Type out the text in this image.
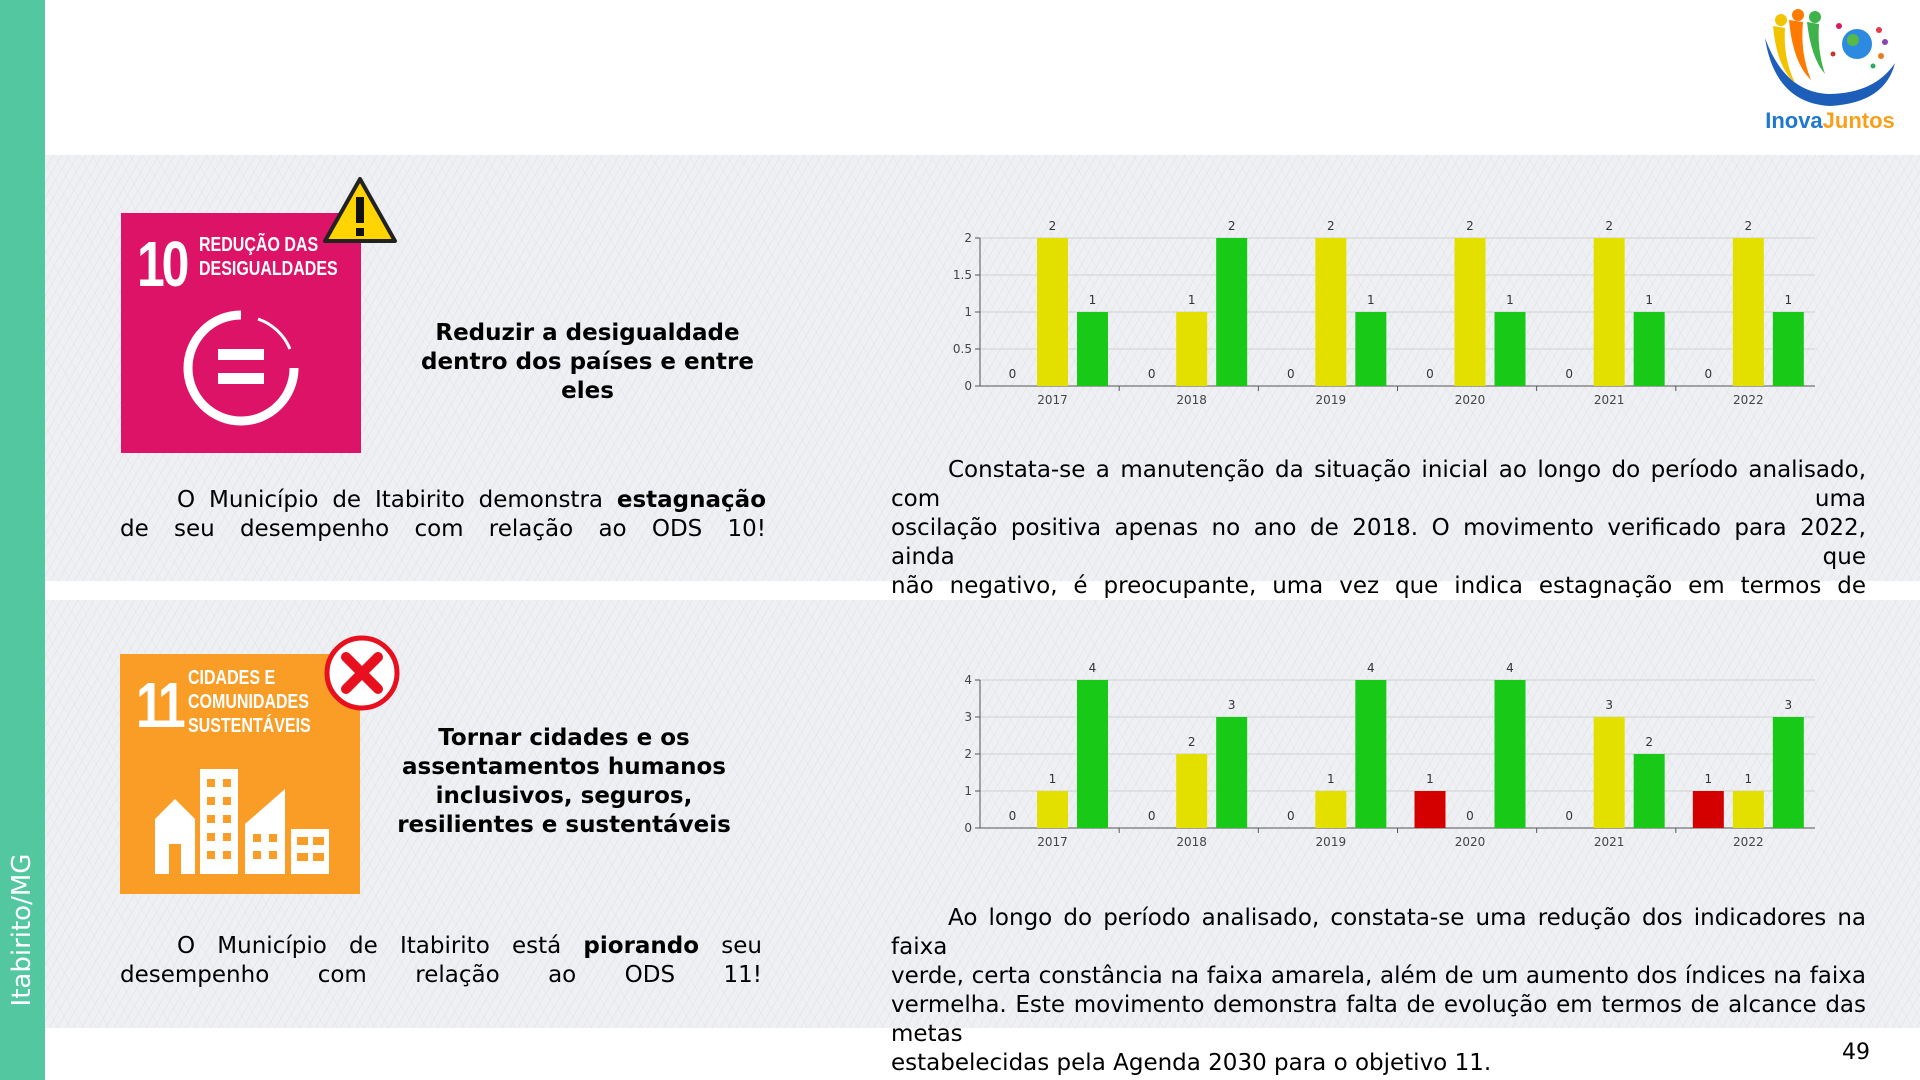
Itabirito/MG
InovaJuntos
10 REDUÇÃO DAS
DESIGUALDADES
Reduzir a desigualdade dentro dos países e entre eles
O Município de Itabirito demonstra estagnação de seu desempenho com relação ao ODS 10!
0
0.5
1
1.5
2
0
2
1
2017
0
1
2
2018
0
2
1
2019
0
2
1
2020
0
2
1
2021
0
2
1
2022
Constata-se a manutenção da situação inicial ao longo do período analisado, com uma
oscilação positiva apenas no ano de 2018. O movimento verificado para 2022, ainda que
não negativo, é preocupante, uma vez que indica estagnação em termos de
11 CIDADES E
COMUNIDADES
SUSTENTÁVEIS	Tornar cidades e os assentamentos humanos inclusivos, seguros, resilientes e sustentáveis
O Município de Itabirito está piorando seu desempenho com relação ao ODS 11!
0
1
2
3
4
0
1
4
2017
0
2
3
2018
0
1
4
2019
1
0
4
2020
0
3
2
2021
1	1
3
2022
Ao longo do período analisado, constata-se uma redução dos indicadores na faixa
verde, certa constância na faixa amarela, além de um aumento dos índices na faixa
vermelha. Este movimento demonstra falta de evolução em termos de alcance das metas
estabelecidas pela Agenda 2030 para o objetivo 11.	49
